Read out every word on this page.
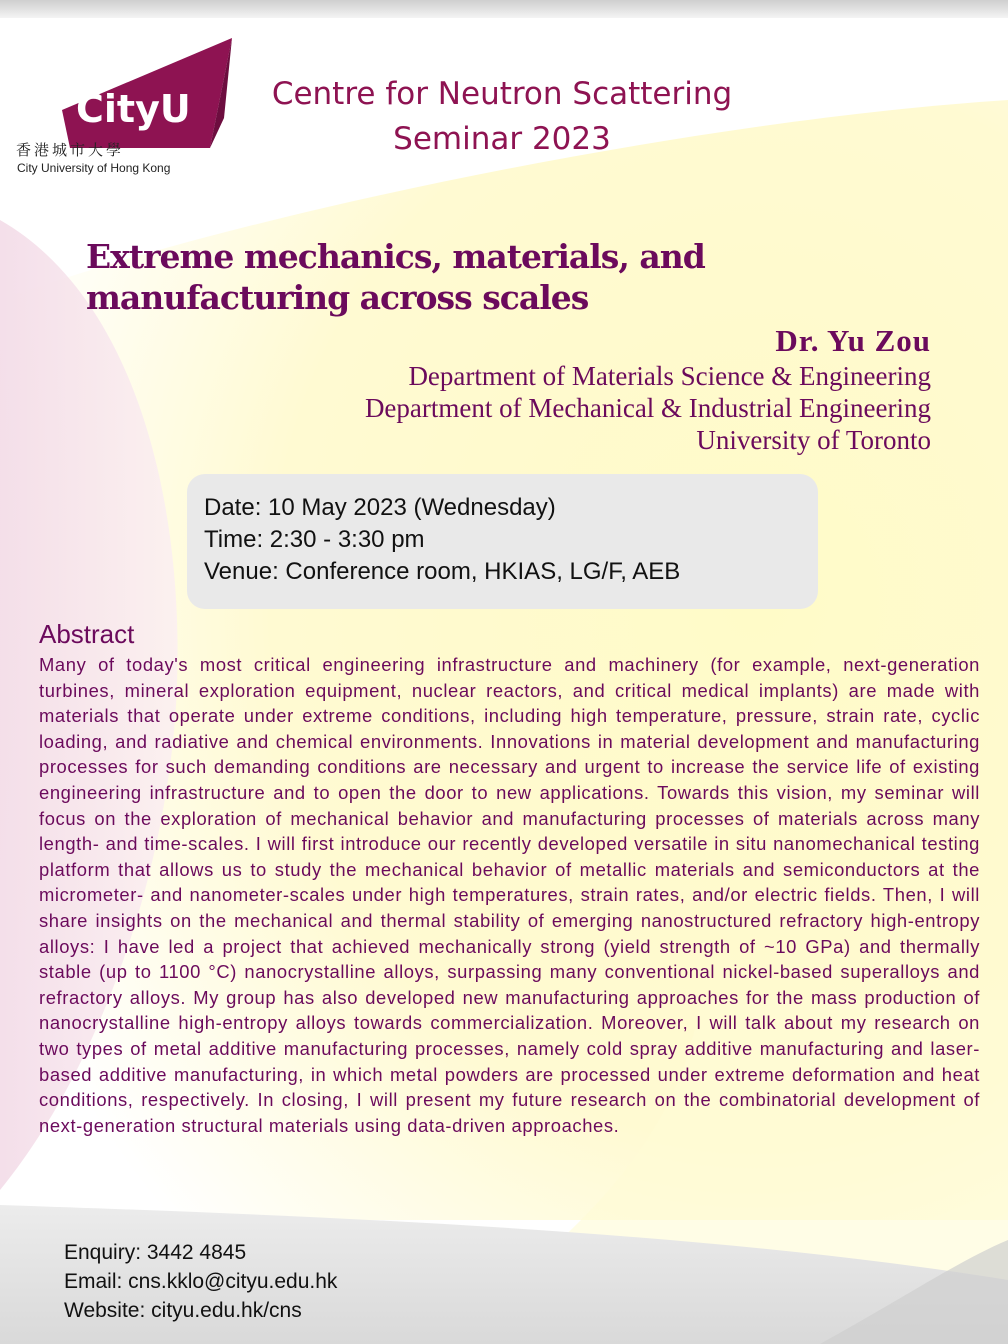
CityU
香港城市大學
City University of Hong Kong
Centre for Neutron Scattering
Seminar 2023
Extreme mechanics, materials, and
manufacturing across scales
Dr. Yu Zou
Department of Materials Science & Engineering
Department of Mechanical & Industrial Engineering
University of Toronto
Date: 10 May 2023 (Wednesday)
Time: 2:30 - 3:30 pm
Venue: Conference room, HKIAS, LG/F, AEB
Abstract

Many of today's most critical engineering infrastructure and machinery (for example, next-generation turbines, mineral exploration equipment, nuclear reactors, and critical medical implants) are made with materials that operate under extreme conditions, including high temperature, pressure, strain rate, cyclic loading, and radiative and chemical environments. Innovations in material development and manufacturing processes for such demanding conditions are necessary and urgent to increase the service life of existing engineering infrastructure and to open the door to new applications. Towards this vision, my seminar will focus on the exploration of mechanical behavior and manufacturing processes of materials across many length- and time-scales. I will first introduce our recently developed versatile in situ nanomechanical testing platform that allows us to study the mechanical behavior of metallic materials and semiconductors at the micrometer- and nanometer-scales under high temperatures, strain rates, and/or electric fields. Then, I will share insights on the mechanical and thermal stability of emerging nanostructured refractory high-entropy alloys: I have led a project that achieved mechanically strong (yield strength of ~10 GPa) and thermally stable (up to 1100 °C) nanocrystalline alloys, surpassing many conventional nickel-based superalloys and refractory alloys. My group has also developed new manufacturing approaches for the mass production of nanocrystalline high-entropy alloys towards commercialization. Moreover, I will talk about my research on two types of metal additive manufacturing processes, namely cold spray additive manufacturing and laser-based additive manufacturing, in which metal powders are processed under extreme deformation and heat conditions, respectively. In closing, I will present my future research on the combinatorial development of next-generation structural materials using data-driven approaches.

Enquiry: 3442 4845
Email: cns.kklo@cityu.edu.hk
Website: cityu.edu.hk/cns
